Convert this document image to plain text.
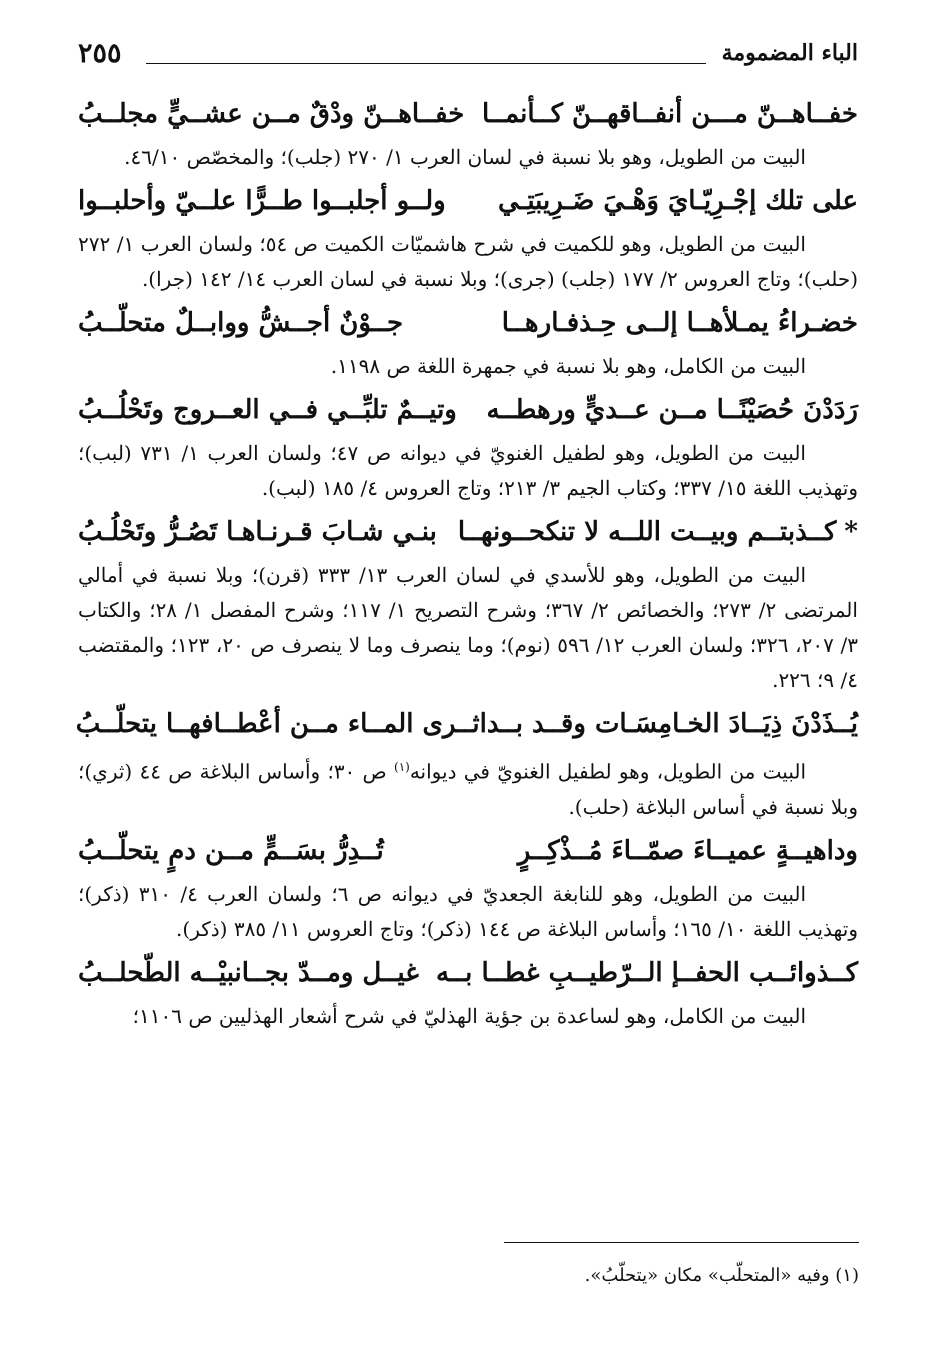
٢٥٥	الباء المضمومة
خفــاهــنّ مـــن أنفــاقهــنّ كــأنمــا
خفــاهــنّ ودْقٌ مــن عشــيٍّ مجلــبُ

البيت من الطويل، وهو بلا نسبة في لسان العرب ١/ ٢٧٠ (جلب)؛ والمخصّص ٤٦/١٠.

على تلك إجْـرِيّـايَ وَهْـيَ ضَـرِيبَتِـي
ولــو أجلبــوا طــرًّا علــيّ وأحلبــوا

البيت من الطويل، وهو للكميت في شرح هاشميّات الكميت ص ٥٤؛ ولسان العرب ١/ ٢٧٢ (حلب)؛ وتاج العروس ٢/ ١٧٧ (جلب) (جرى)؛ وبلا نسبة في لسان العرب ١٤/ ١٤٢ (جرا).

خضـراءُ يمـلأهــا إلــى حِـذفـارهــا
جــوْنٌ أجــشُّ ووابــلٌ متحلّــبُ

البيت من الكامل، وهو بلا نسبة في جمهرة اللغة ص ١١٩٨.

رَدَدْنَ حُصَيْنًــا مــن عــديٍّ ورهطــه
وتيــمٌ تلبِّــي فــي العــروج وتَحْلُــبُ

البيت من الطويل، وهو لطفيل الغنويّ في ديوانه ص ٤٧؛ ولسان العرب ١/ ٧٣١ (لبب)؛ وتهذيب اللغة ١٥/ ٣٣٧؛ وكتاب الجيم ٣/ ٢١٣؛ وتاج العروس ٤/ ١٨٥ (لبب).

*كــذبتــم وبيــت اللــه لا تنكحــونهــا
بنـي شـابَ قـرنـاهـا تَصُـرُّ وتَحْلُـبُ

البيت من الطويل، وهو للأسدي في لسان العرب ١٣/ ٣٣٣ (قرن)؛ وبلا نسبة في أمالي المرتضى ٢/ ٢٧٣؛ والخصائص ٢/ ٣٦٧؛ وشرح التصريح ١/ ١١٧؛ وشرح المفصل ١/ ٢٨؛ والكتاب ٣/ ٢٠٧، ٣٢٦؛ ولسان العرب ١٢/ ٥٩٦ (نوم)؛ وما ينصرف وما لا ينصرف ص ٢٠، ١٢٣؛ والمقتضب ٤/ ٩؛ ٢٢٦.

يُــذَدْنَ ذِيَــادَ الخـامِسَـات وقــد بــدا
ثــرى المــاء مــن أعْطــافهــا يتحلّــبُ

البيت من الطويل، وهو لطفيل الغنويّ في ديوانه$^{(١)}$ ص ٣٠؛ وأساس البلاغة ص ٤٤ (ثري)؛ وبلا نسبة في أساس البلاغة (حلب).

وداهيــةٍ عميــاءَ صمّــاءَ مُــذْكِــرٍ
تُــدِرُّ بسَــمٍّ مــن دمٍ يتحلّــبُ

البيت من الطويل، وهو للنابغة الجعديّ في ديوانه ص ٦؛ ولسان العرب ٤/ ٣١٠ (ذكر)؛ وتهذيب اللغة ١٠/ ١٦٥؛ وأساس البلاغة ص ١٤٤ (ذكر)؛ وتاج العروس ١١/ ٣٨٥ (ذكر).

كــذوائــب الحفــإ الــرّطيــبِ غطــا بــه
غيــل ومــدّ بجــانبيْــه الطّحلــبُ

البيت من الكامل، وهو لساعدة بن جؤية الهذليّ في شرح أشعار الهذليين ص ١١٠٦؛

(١) وفيه «المتحلّب» مكان «يتحلّبُ».
